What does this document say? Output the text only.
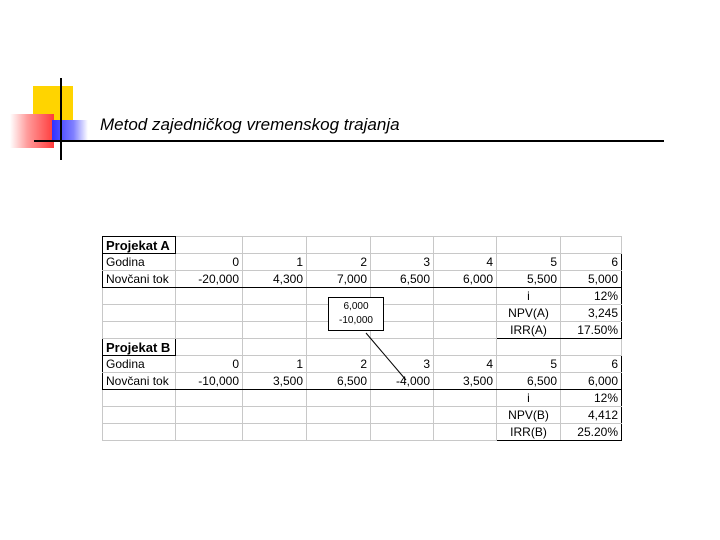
Metod zajedničkog vremenskog trajanja
Projekat A							
Godina	0	1	2	3	4	5	6
Novčani tok	-20,000	4,300	7,000	6,500	6,000	5,500	5,000
						i	12%
						NPV(A)	3,245
						IRR(A)	17.50%
Projekat B							
Godina	0	1	2	3	4	5	6
Novčani tok	-10,000	3,500	6,500	-4,000	3,500	6,500	6,000
						i	12%
						NPV(B)	4,412
						IRR(B)	25.20%
6,000
-10,000
